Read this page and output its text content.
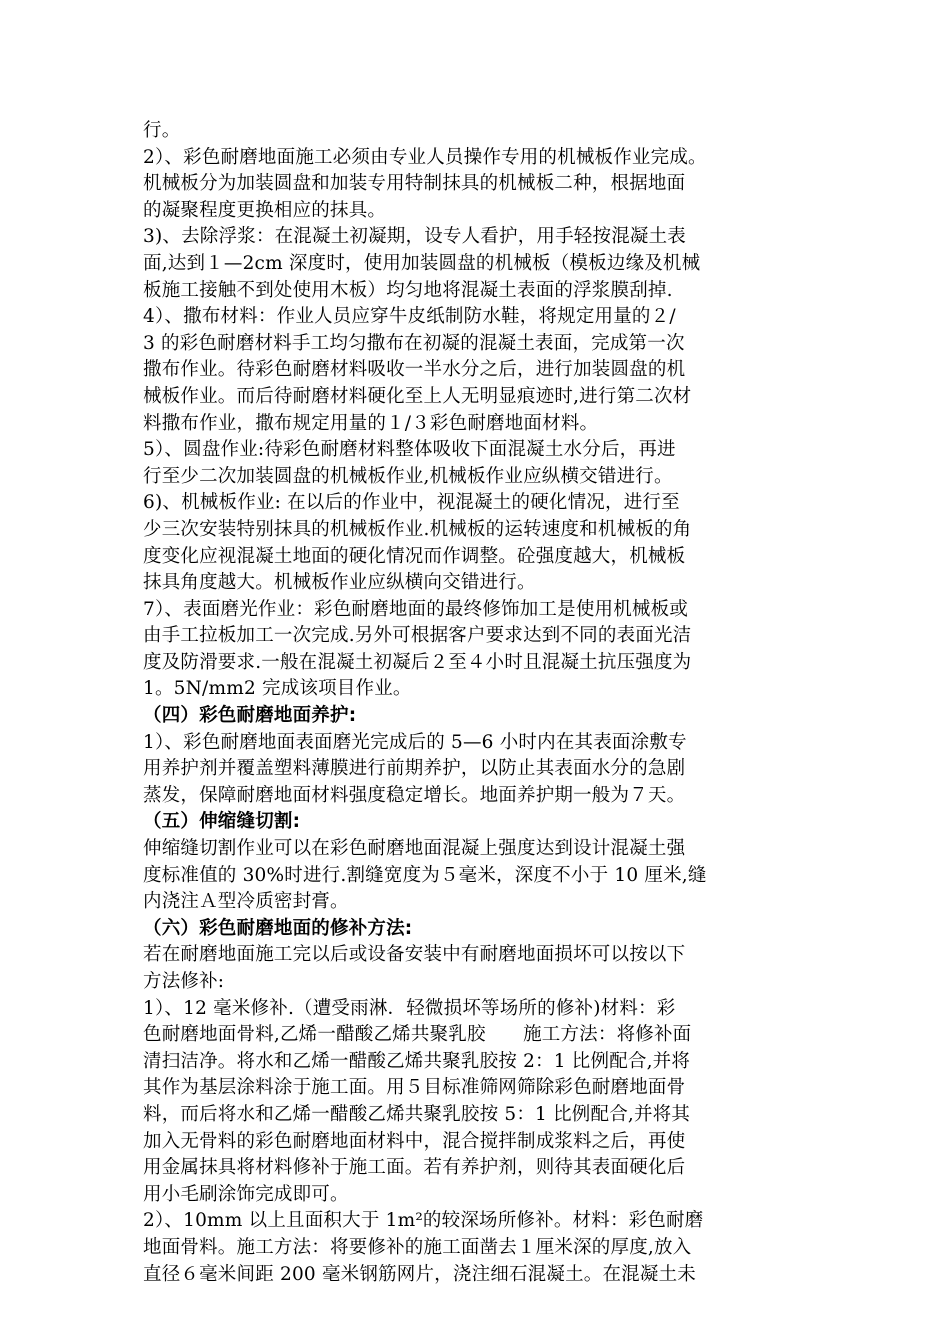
行。
2）、彩色耐磨地面施工必须由专业人员操作专用的机械板作业完成。
机械板分为加装圆盘和加装专用特制抹具的机械板二种，根据地面
的凝聚程度更换相应的抹具。
3)、去除浮浆：在混凝土初凝期，设专人看护，用手轻按混凝土表
面,达到１—2cm 深度时，使用加装圆盘的机械板（模板边缘及机械
板施工接触不到处使用木板）均匀地将混凝土表面的浮浆膜刮掉.
4）、撒布材料：作业人员应穿牛皮纸制防水鞋，将规定用量的２/
3 的彩色耐磨材料手工均匀撒布在初凝的混凝土表面，完成第一次
撒布作业。待彩色耐磨材料吸收一半水分之后，进行加装圆盘的机
械板作业。而后待耐磨材料硬化至上人无明显痕迹时,进行第二次材
料撒布作业，撒布规定用量的１/３彩色耐磨地面材料。
5）、圆盘作业:待彩色耐磨材料整体吸收下面混凝土水分后，再进
行至少二次加装圆盘的机械板作业,机械板作业应纵横交错进行。
6)、机械板作业: 在以后的作业中，视混凝土的硬化情况，进行至
少三次安装特别抹具的机械板作业.机械板的运转速度和机械板的角
度变化应视混凝土地面的硬化情况而作调整。砼强度越大，机械板
抹具角度越大。机械板作业应纵横向交错进行。
7）、表面磨光作业：彩色耐磨地面的最终修饰加工是使用机械板或
由手工拉板加工一次完成.另外可根据客户要求达到不同的表面光洁
度及防滑要求.一般在混凝土初凝后２至４小时且混凝土抗压强度为
1。5N/mm2 完成该项目作业。
（四）彩色耐磨地面养护:
1）、彩色耐磨地面表面磨光完成后的 5—6 小时内在其表面涂敷专
用养护剂并覆盖塑料薄膜进行前期养护，以防止其表面水分的急剧
蒸发，保障耐磨地面材料强度稳定增长。地面养护期一般为７天。
（五）伸缩缝切割:
伸缩缝切割作业可以在彩色耐磨地面混凝上强度达到设计混凝土强
度标准值的 30%时进行.割缝宽度为５毫米，深度不小于 10 厘米,缝
内浇注Ａ型冷质密封膏。
（六）彩色耐磨地面的修补方法:
若在耐磨地面施工完以后或设备安装中有耐磨地面损坏可以按以下
方法修补:
1）、12 毫米修补.（遭受雨淋．轻微损坏等场所的修补)材料：彩
色耐磨地面骨料,乙烯一醋酸乙烯共聚乳胶　　施工方法：将修补面
清扫洁净。将水和乙烯一醋酸乙烯共聚乳胶按 2：1 比例配合,并将
其作为基层涂料涂于施工面。用５目标准筛网筛除彩色耐磨地面骨
料，而后将水和乙烯一醋酸乙烯共聚乳胶按 5：1 比例配合,并将其
加入无骨料的彩色耐磨地面材料中，混合搅拌制成浆料之后，再使
用金属抹具将材料修补于施工面。若有养护剂，则待其表面硬化后
用小毛刷涂饰完成即可。
2）、10mm 以上且面积大于 1m²的较深场所修补。材料：彩色耐磨
地面骨料。施工方法：将要修补的施工面凿去１厘米深的厚度,放入
直径６毫米间距 200 毫米钢筋网片，浇注细石混凝土。在混凝土未
